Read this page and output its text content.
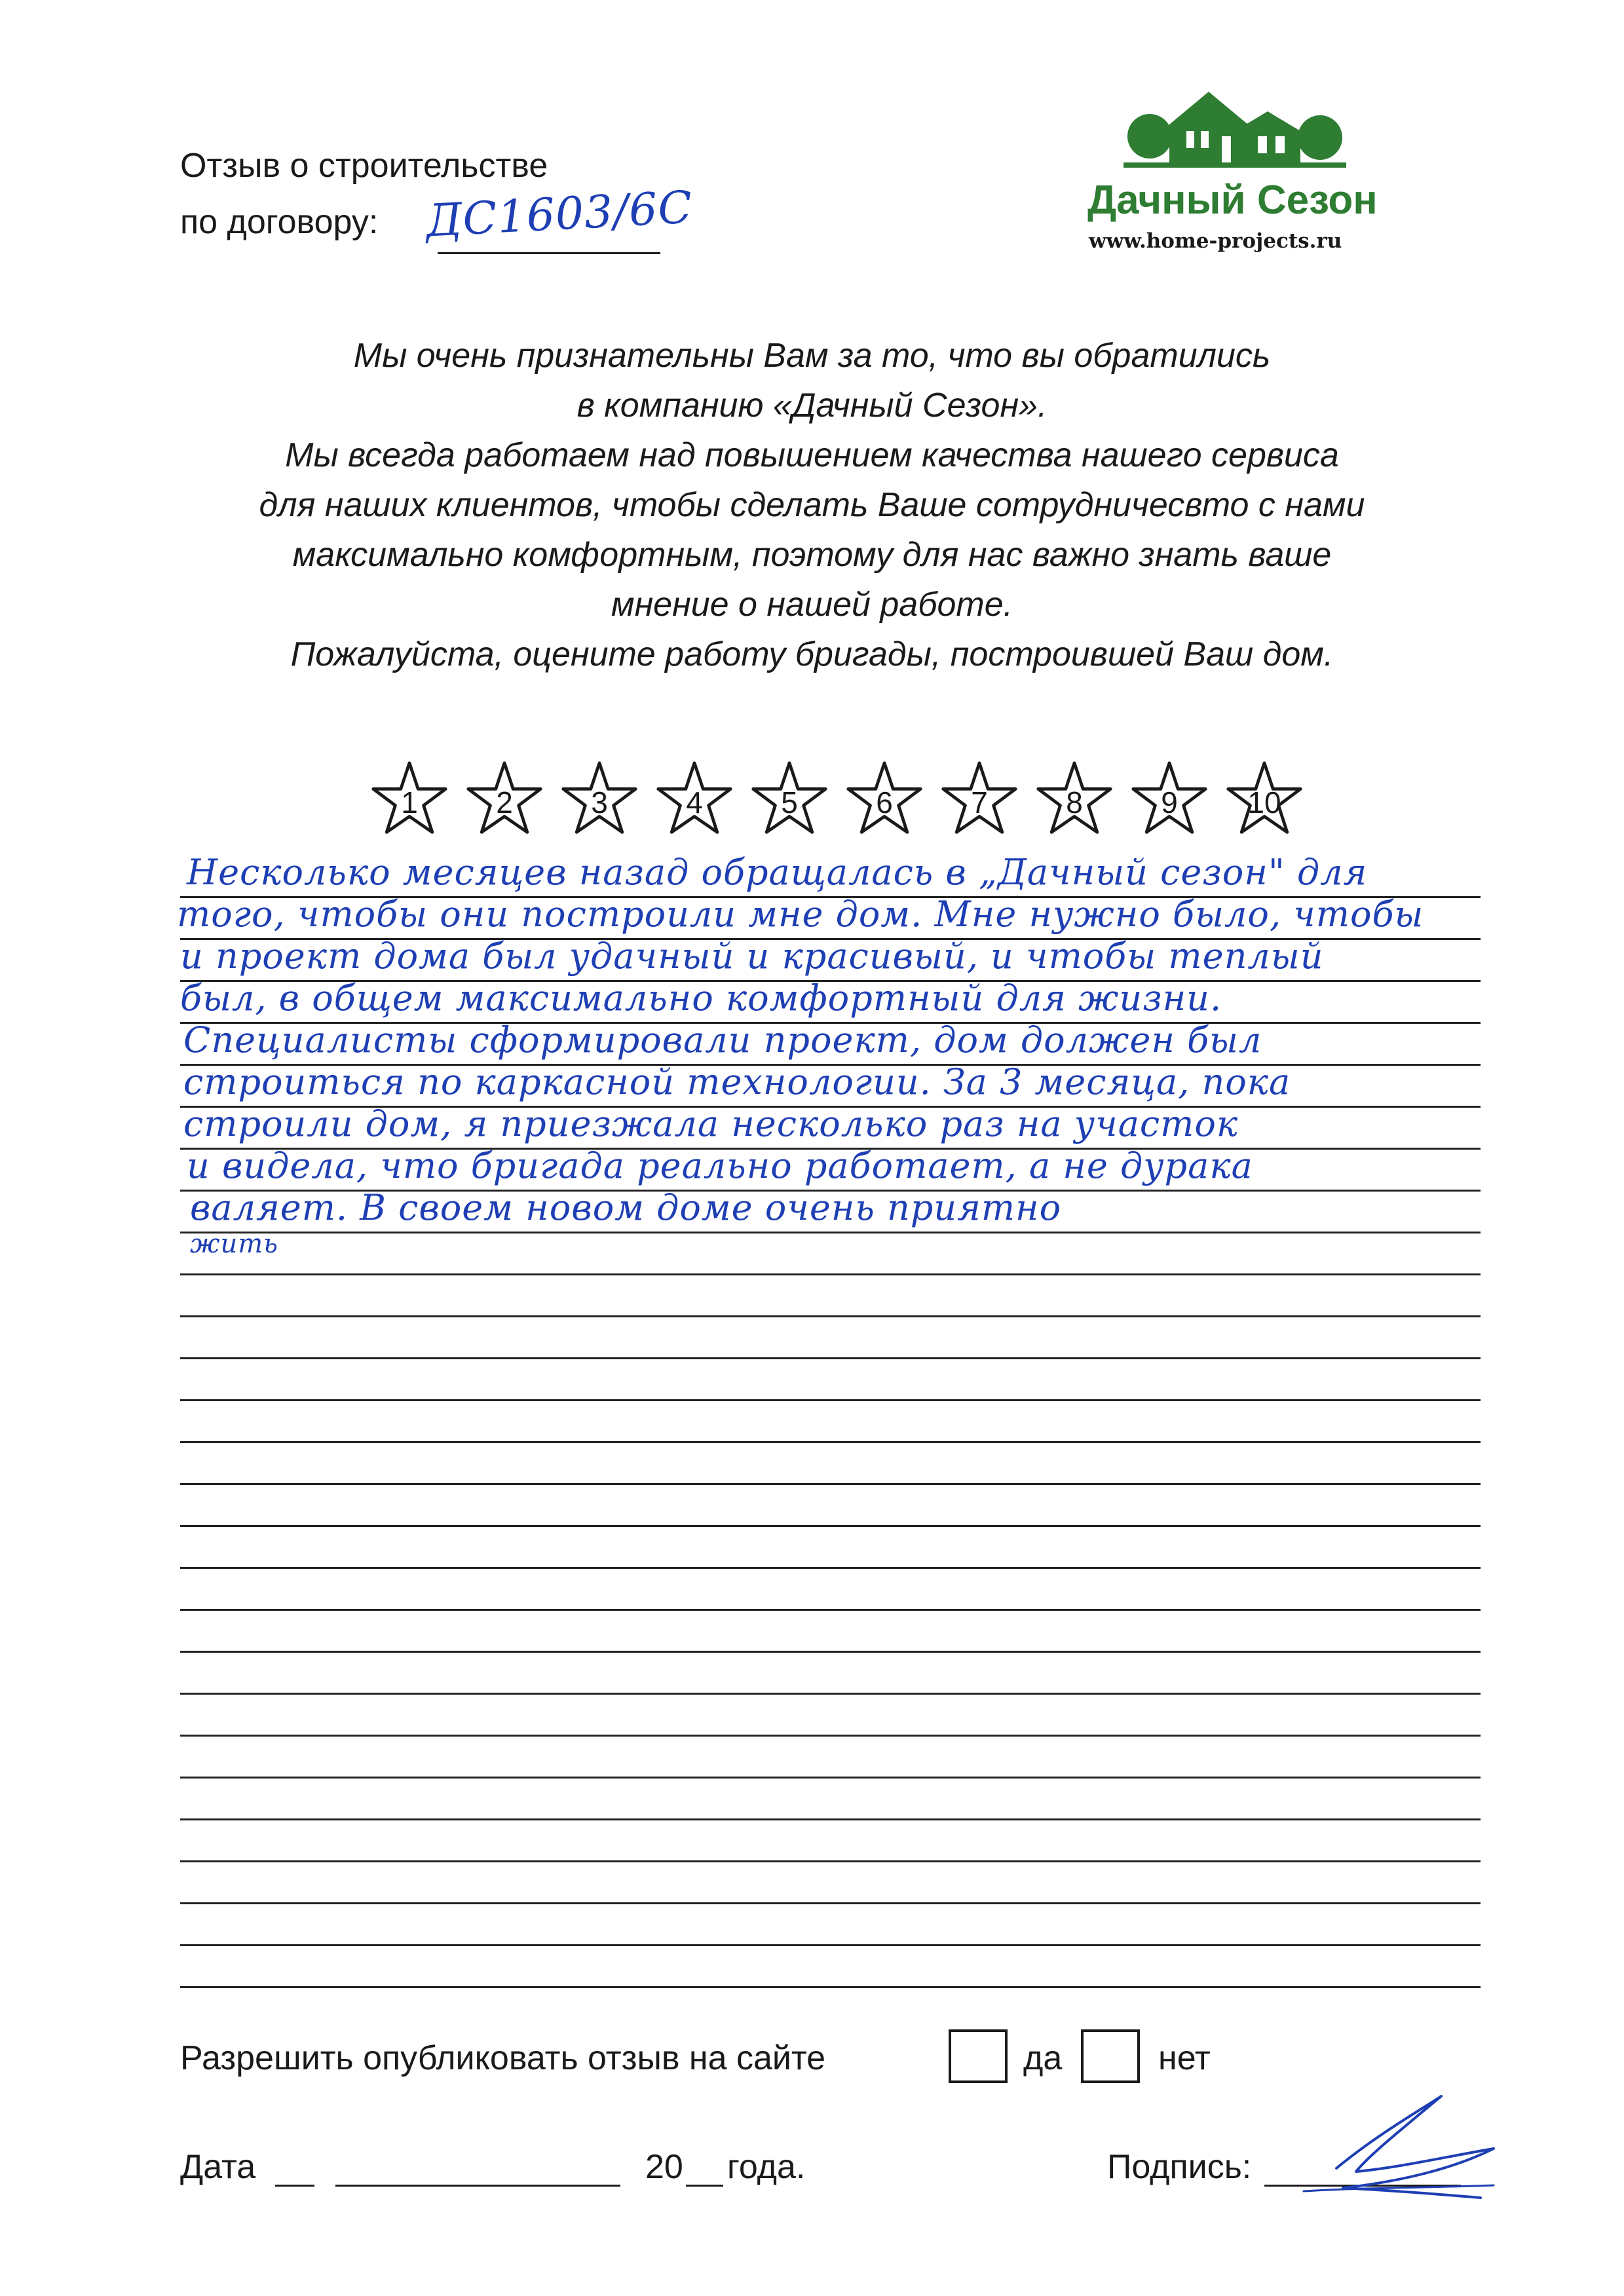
Отзыв о строительстве
по договору: ДС1603/6С	Дачный Сезон
www.home-projects.ru
Мы очень признательны Вам за то, что вы обратились
в компанию «Дачный Сезон».
Мы всегда работаем над повышением качества нашего сервиса
для наших клиентов, чтобы сделать Ваше сотрудничесвто с нами
максимально комфортным, поэтому для нас важно знать ваше
мнение о нашей работе.
Пожалуйста, оцените работу бригады, построившей Ваш дом.
1	2	3	4	5	6	7	8	9	10
Несколько месяцев назад обращалась в „Дачный сезон" для
того, чтобы они построили мне дом. Мне нужно было, чтобы
и проект дома был удачный и красивый, и чтобы теплый
был, в общем максимально комфортный для жизни.
Специалисты сформировали проект, дом должен был
строиться по каркасной технологии. За 3 месяца, пока
строили дом, я приезжала несколько раз на участок
и видела, что бригада реально работает, а не дурака
валяет. В своем новом доме очень приятно
жить
Разрешить опубликовать отзыв на сайте	да	нет
Дата	20 года.	Подпись:
